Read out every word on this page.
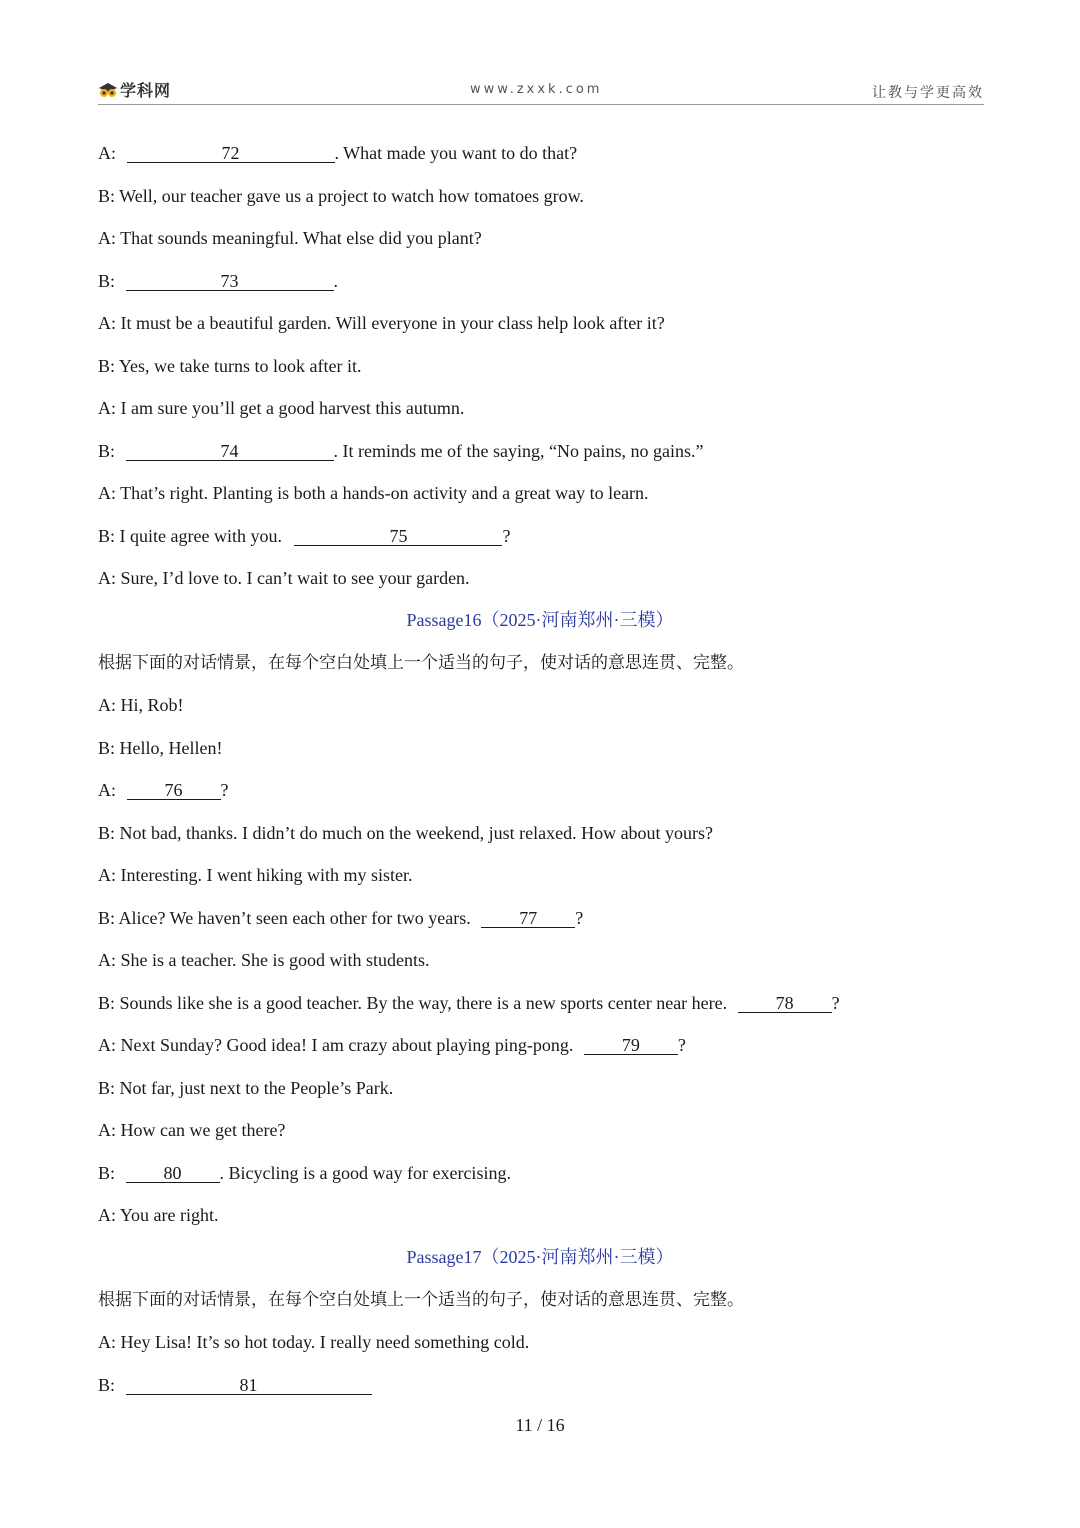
学科网	www.zxxk.com	让教与学更高效
A:	72	. What made you want to do that?
B: Well, our teacher gave us a project to watch how tomatoes grow.
A: That sounds meaningful. What else did you plant?
B:	73	.
A: It must be a beautiful garden. Will everyone in your class help look after it?
B: Yes, we take turns to look after it.
A: I am sure you’ll get a good harvest this autumn.
B:	74	. It reminds me of the saying, “No pains, no gains.”
A: That’s right. Planting is both a hands-on activity and a great way to learn.
B: I quite agree with you.	75	?
A: Sure, I’d love to. I can’t wait to see your garden.
Passage16（2025·河南郑州·三模）
根据下面的对话情景，在每个空白处填上一个适当的句子，使对话的意思连贯、完整。
A: Hi, Rob!
B: Hello, Hellen!
A:	76 ?
B: Not bad, thanks. I didn’t do much on the weekend, just relaxed. How about yours?
A: Interesting. I went hiking with my sister.
B: Alice? We haven’t seen each other for two years.	77 ?
A: She is a teacher. She is good with students.
B: Sounds like she is a good teacher. By the way, there is a new sports center near here.	78 ?
A: Next Sunday? Good idea! I am crazy about playing ping-pong.	79 ?
B: Not far, just next to the People’s Park.
A: How can we get there?
B:	80 . Bicycling is a good way for exercising.
A: You are right.
Passage17（2025·河南郑州·三模）
根据下面的对话情景，在每个空白处填上一个适当的句子，使对话的意思连贯、完整。
A: Hey Lisa! It’s so hot today. I really need something cold.
B:	81
11 / 16
